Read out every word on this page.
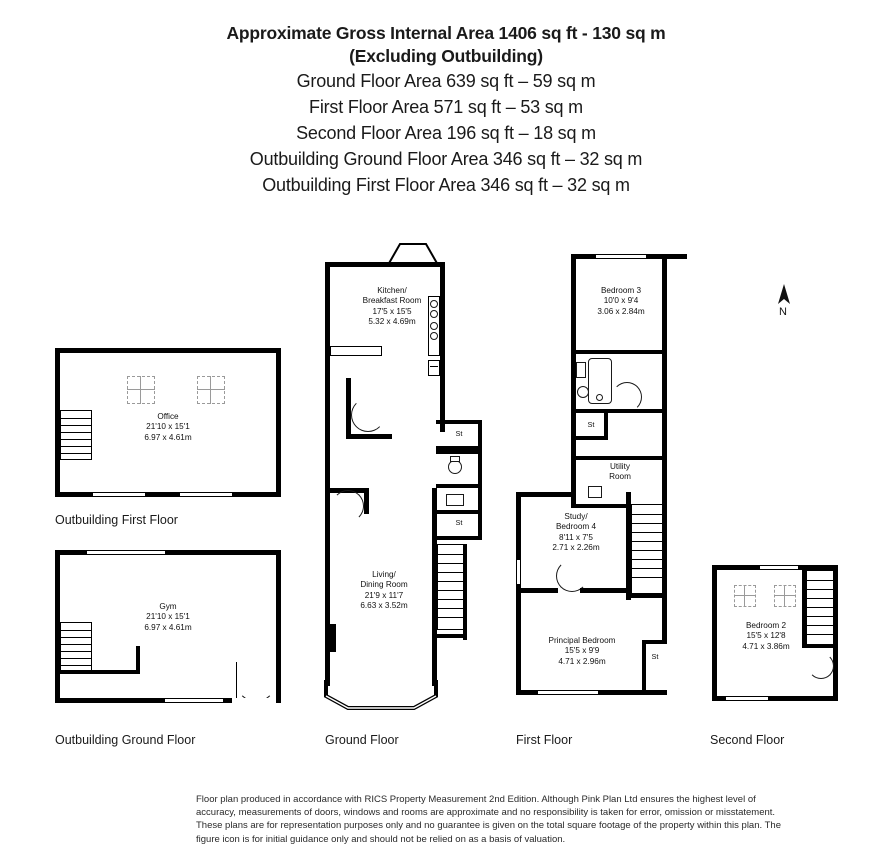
Approximate Gross Internal Area 1406 sq ft - 130 sq m
(Excluding Outbuilding)
Ground Floor Area 639 sq ft – 59 sq m
First Floor Area 571 sq ft – 53 sq m
Second Floor Area 196 sq ft – 18 sq m
Outbuilding Ground Floor Area 346 sq ft – 32 sq m
Outbuilding First Floor Area 346 sq ft – 32 sq m
N
Office
21'10 x 15'1
6.97 x 4.61m
Outbuilding First Floor
Gym
21'10 x 15'1
6.97 x 4.61m
Outbuilding Ground Floor
Kitchen/
Breakfast Room
17'5 x 15'5
5.32 x 4.69m
St
St
Living/
Dining Room
21'9 x 11'7
6.63 x 3.52m
Ground Floor
Bedroom 3
10'0 x 9'4
3.06 x 2.84m
St
Utility
Room
Study/
Bedroom 4
8'11 x 7'5
2.71 x 2.26m
Principal Bedroom
15'5 x 9'9
4.71 x 2.96m
St
First Floor
Bedroom 2
15'5 x 12'8
4.71 x 3.86m
Second Floor
Floor plan produced in accordance with RICS Property Measurement 2nd Edition. Although Pink Plan Ltd ensures the highest level of accuracy, measurements of doors, windows and rooms are approximate and no responsibility is taken for error, omission or misstatement. These plans are for representation purposes only and no guarantee is given on the total square footage of the property within this plan. The figure icon is for initial guidance only and should not be relied on as a basis of valuation.
